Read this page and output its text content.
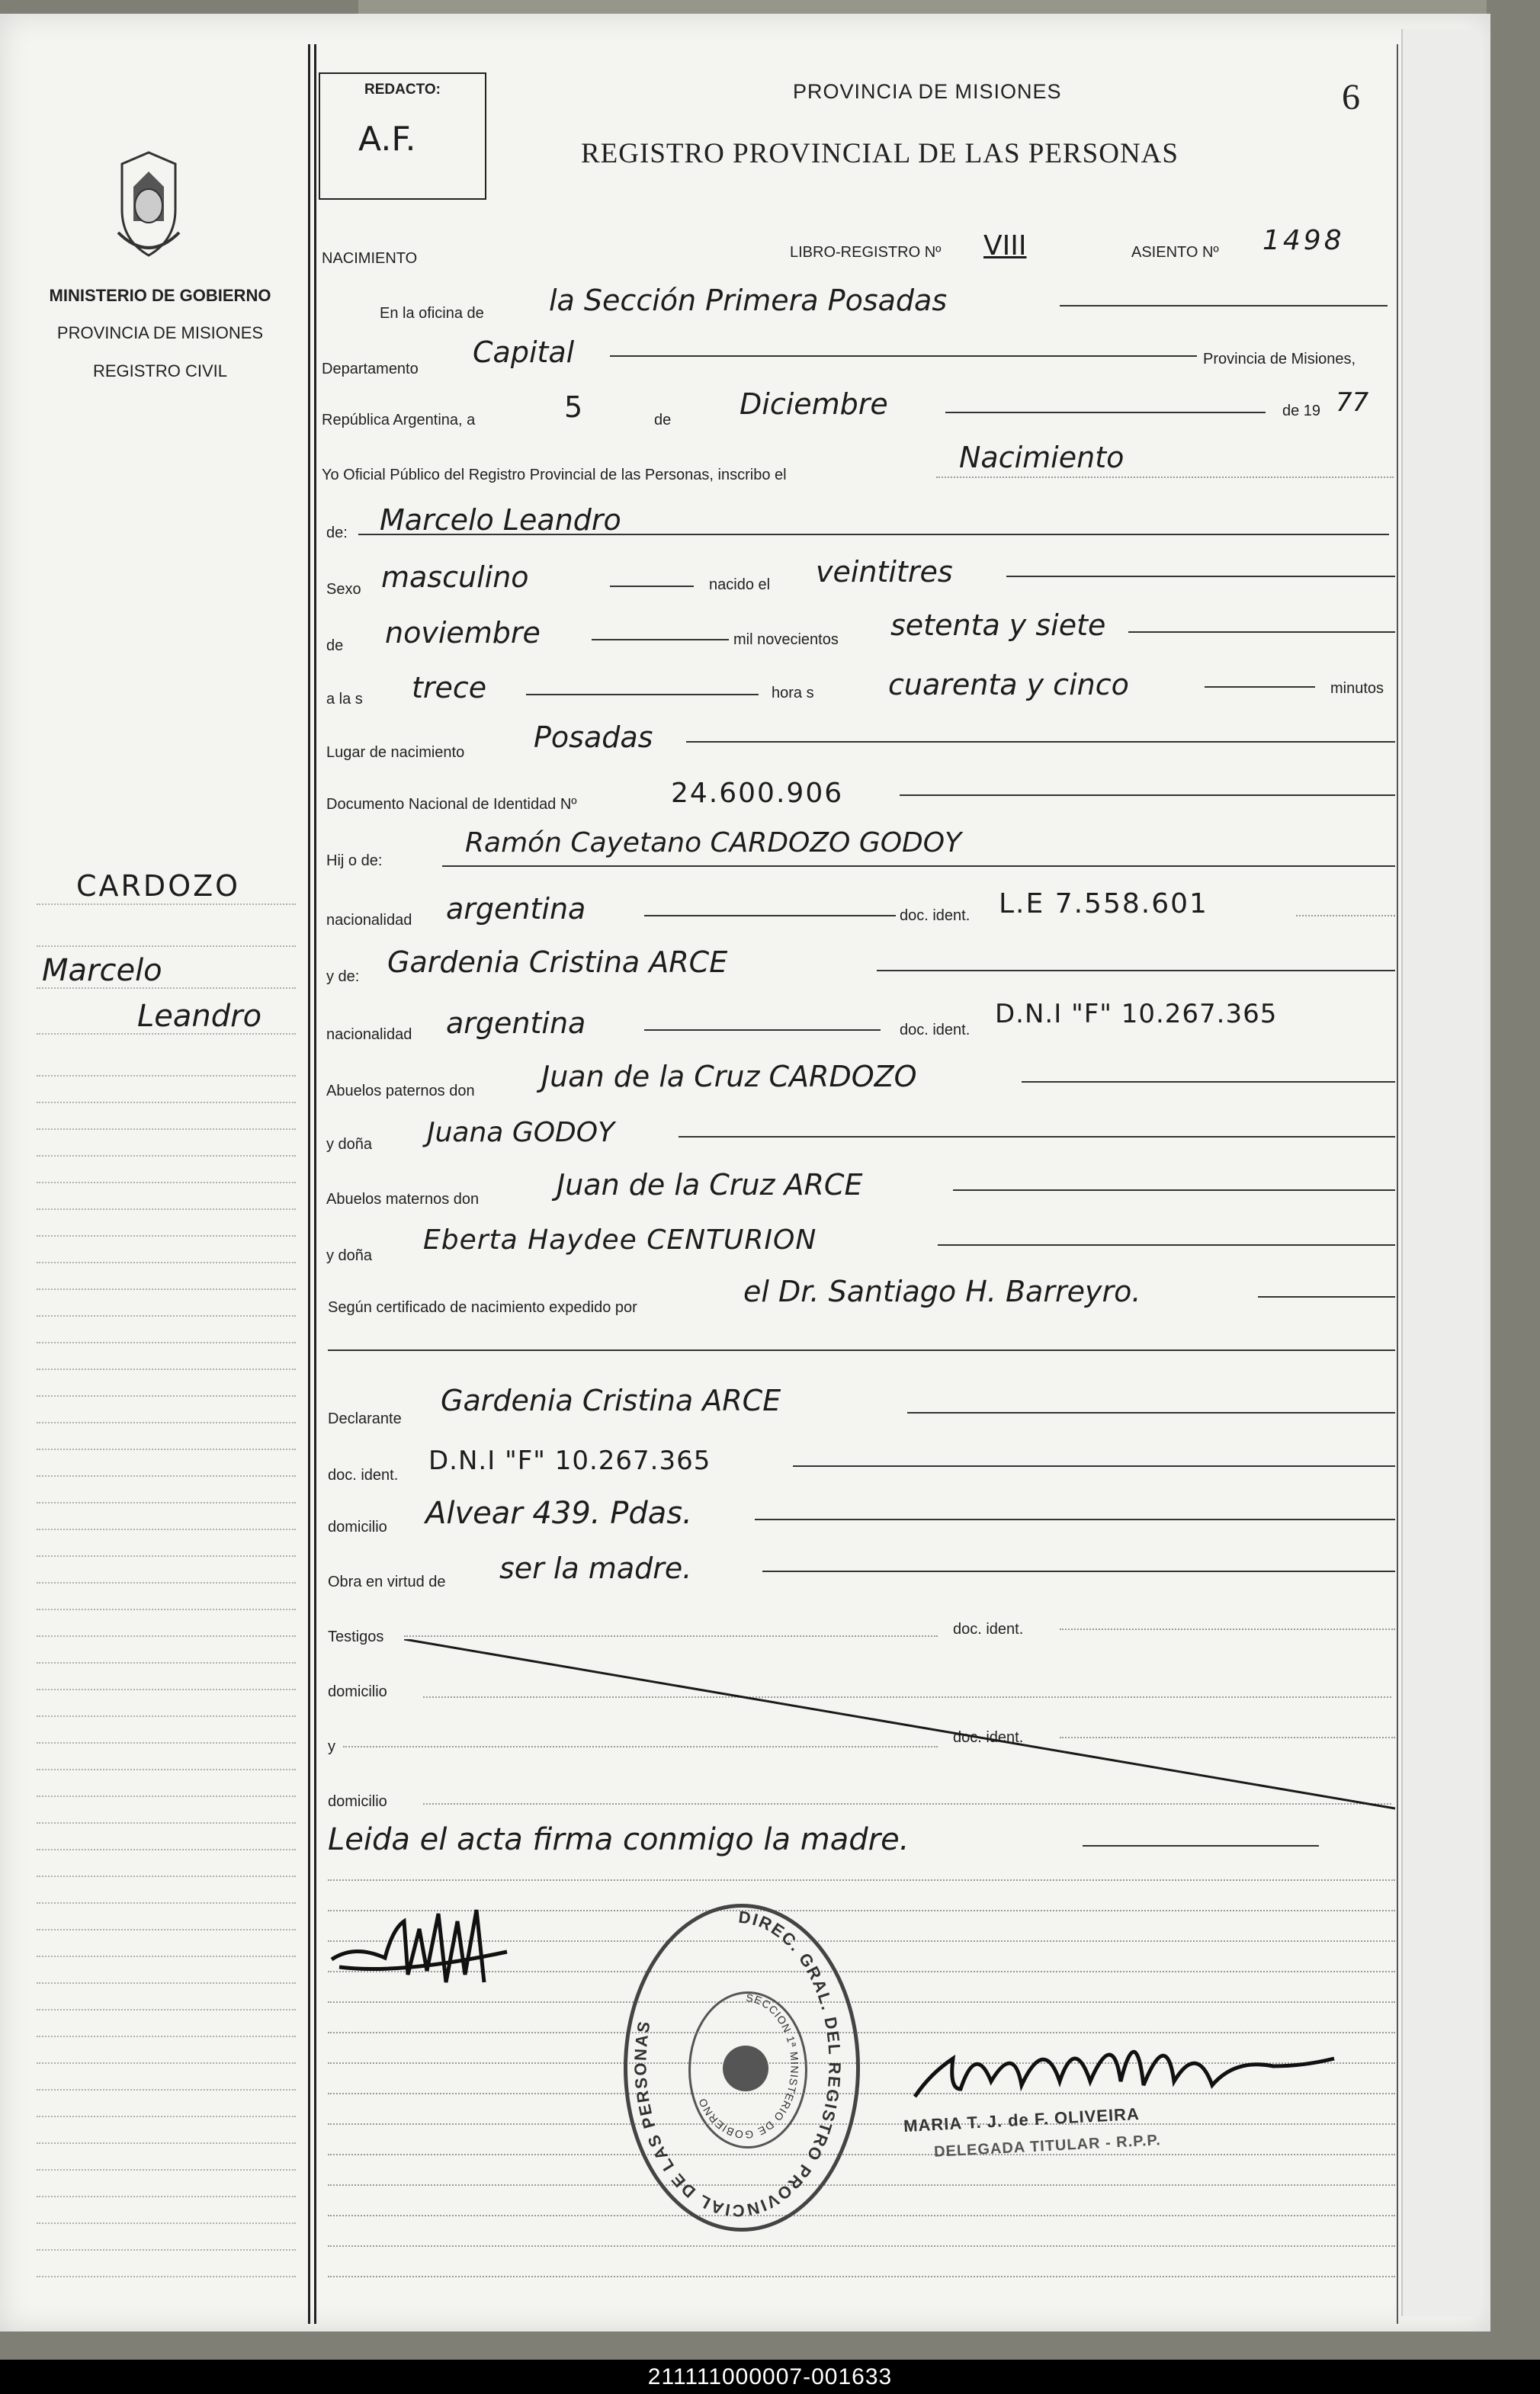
MINISTERIO DE GOBIERNO
PROVINCIA DE MISIONES
REGISTRO CIVIL
CARDOZO
Marcelo
Leandro
REDACTO:
A.F.
PROVINCIA DE MISIONES
REGISTRO PROVINCIAL DE LAS PERSONAS
6
NACIMIENTO	LIBRO-REGISTRO Nº VIII	ASIENTO Nº 1498
En la oficina de la Sección Primera Posadas
Departamento Capital	Provincia de Misiones,
República Argentina, a	5	de Diciembre	de 19 77
Yo Oficial Público del Registro Provincial de las Personas, inscribo el
Nacimiento
de: Marcelo Leandro
Sexo masculino	nacido el veintitres
de noviembre	mil novecientos setenta y siete
a la s trece	hora s	cuarenta y cinco	minutos
Lugar de nacimiento Posadas
Documento Nacional de Identidad Nº	24.600.906
Hij o de:
Ramón Cayetano CARDOZO GODOY
nacionalidad argentina	doc. ident. L.E 7.558.601
y de: Gardenia Cristina ARCE
nacionalidad argentina	doc. ident.
D.N.I "F" 10.267.365
Abuelos paternos don Juan de la Cruz CARDOZO
y doña Juana GODOY
Abuelos maternos don	Juan de la Cruz ARCE
y doña Eberta Haydee CENTURION
Según certificado de nacimiento expedido por	el Dr. Santiago H. Barreyro.
Declarante
Gardenia Cristina ARCE
doc. ident. D.N.I "F" 10.267.365
domicilio Alvear 439. Pdas.
Obra en virtud de ser la madre.
Testigos	doc. ident.
domicilio
y
doc. ident.
domicilio
Leida el acta firma conmigo la madre.
DIREC. GRAL. DEL REGISTRO PROVINCIAL DE LAS PERSONAS
SECCION 1ª MINISTERIO DE GOBIERNO
MARIA T. J. de F. OLIVEIRA
DELEGADA TITULAR - R.P.P.
211111000007-001633
